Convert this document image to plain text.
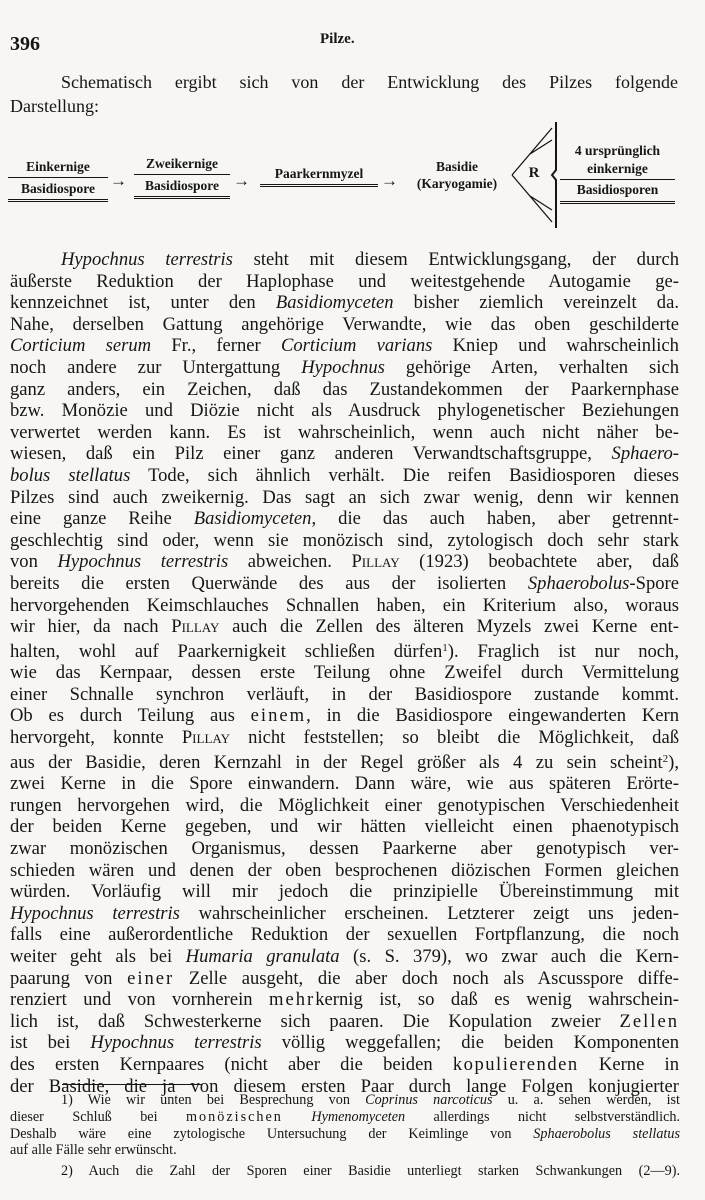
396	Pilze.
Schematisch ergibt sich von der Entwicklung des Pilzes folgende
Darstellung:
Einkernige
Basidiospore →
Zweikernige
Basidiospore →	Paarkernmyzel	→
Basidie
(Karyogamie)
R
4 ursprünglich
einkernige
Basidiosporen
Hypochnus terrestris steht mit diesem Entwicklungsgang, der durch
äußerste Reduktion der Haplophase und weitestgehende Autogamie ge-
kennzeichnet ist, unter den Basidiomyceten bisher ziemlich vereinzelt da.
Nahe, derselben Gattung angehörige Verwandte, wie das oben geschilderte
Corticium serum Fr., ferner Corticium varians Kniep und wahrscheinlich
noch andere zur Untergattung Hypochnus gehörige Arten, verhalten sich
ganz anders, ein Zeichen, daß das Zustandekommen der Paarkernphase
bzw. Monözie und Diözie nicht als Ausdruck phylogenetischer Beziehungen
verwertet werden kann. Es ist wahrscheinlich, wenn auch nicht näher be-
wiesen, daß ein Pilz einer ganz anderen Verwandtschaftsgruppe, Sphaero-
bolus stellatus Tode, sich ähnlich verhält. Die reifen Basidiosporen dieses
Pilzes sind auch zweikernig. Das sagt an sich zwar wenig, denn wir kennen
eine ganze Reihe Basidiomyceten, die das auch haben, aber getrennt-
geschlechtig sind oder, wenn sie monözisch sind, zytologisch doch sehr stark
von Hypochnus terrestris abweichen. Pillay (1923) beobachtete aber, daß
bereits die ersten Querwände des aus der isolierten Sphaerobolus-Spore
hervorgehenden Keimschlauches Schnallen haben, ein Kriterium also, woraus
wir hier, da nach Pillay auch die Zellen des älteren Myzels zwei Kerne ent-
halten, wohl auf Paarkernigkeit schließen dürfen$^1$). Fraglich ist nur noch,
wie das Kernpaar, dessen erste Teilung ohne Zweifel durch Vermittelung
einer Schnalle synchron verläuft, in der Basidiospore zustande kommt.
Ob es durch Teilung aus einem, in die Basidiospore eingewanderten Kern
hervorgeht, konnte Pillay nicht feststellen; so bleibt die Möglichkeit, daß
aus der Basidie, deren Kernzahl in der Regel größer als 4 zu sein scheint$^2$),
zwei Kerne in die Spore einwandern. Dann wäre, wie aus späteren Erörte-
rungen hervorgehen wird, die Möglichkeit einer genotypischen Verschiedenheit
der beiden Kerne gegeben, und wir hätten vielleicht einen phaenotypisch
zwar monözischen Organismus, dessen Paarkerne aber genotypisch ver-
schieden wären und denen der oben besprochenen diözischen Formen gleichen
würden. Vorläufig will mir jedoch die prinzipielle Übereinstimmung mit
Hypochnus terrestris wahrscheinlicher erscheinen. Letzterer zeigt uns jeden-
falls eine außerordentliche Reduktion der sexuellen Fortpflanzung, die noch
weiter geht als bei Humaria granulata (s. S. 379), wo zwar auch die Kern-
paarung von einer Zelle ausgeht, die aber doch noch als Ascusspore diffe-
renziert und von vornherein mehrkernig ist, so daß es wenig wahrschein-
lich ist, daß Schwesterkerne sich paaren. Die Kopulation zweier Zellen
ist bei Hypochnus terrestris völlig weggefallen; die beiden Komponenten
des ersten Kernpaares (nicht aber die beiden kopulierenden Kerne in
der Basidie, die ja von diesem ersten Paar durch lange Folgen konjugierter
1) Wie wir unten bei Besprechung von Coprinus narcoticus u. a. sehen werden, ist
dieser Schluß bei monözischen Hymenomyceten allerdings nicht selbstverständlich.
Deshalb wäre eine zytologische Untersuchung der Keimlinge von Sphaerobolus stellatus
auf alle Fälle sehr erwünscht.
2) Auch die Zahl der Sporen einer Basidie unterliegt starken Schwankungen (2—9).
